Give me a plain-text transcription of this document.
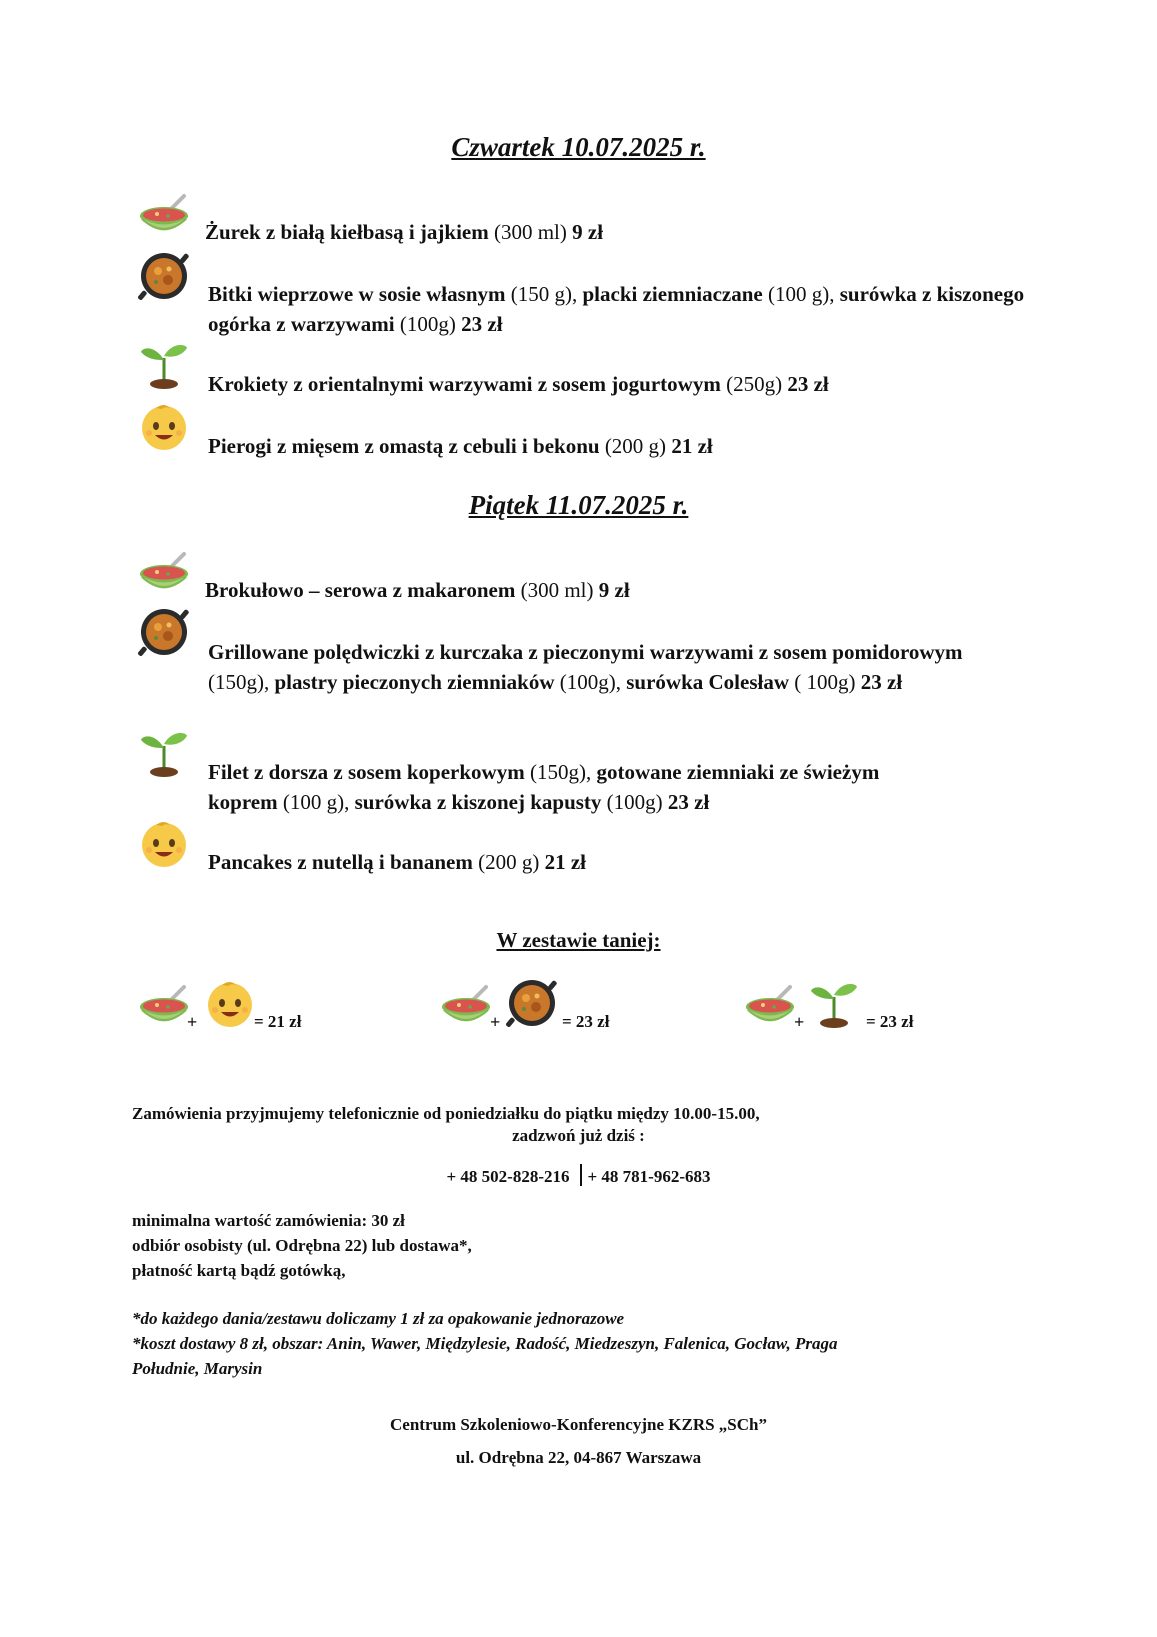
Czwartek 10.07.2025 r.
Żurek z białą kiełbasą i jajkiem (300 ml) 9 zł
Bitki wieprzowe w sosie własnym (150 g), placki ziemniaczane (100 g), surówka z kiszonego ogórka z warzywami (100g) 23 zł
Krokiety z orientalnymi warzywami z sosem jogurtowym (250g) 23 zł
Pierogi z mięsem z omastą z cebuli i bekonu (200 g) 21 zł
Piątek 11.07.2025 r.
Brokułowo – serowa z makaronem (300 ml) 9 zł
Grillowane polędwiczki z kurczaka z pieczonymi warzywami z sosem pomidorowym (150g), plastry pieczonych ziemniaków (100g), surówka Colesław ( 100g) 23 zł
Filet z dorsza z sosem koperkowym (150g), gotowane ziemniaki ze świeżym koprem (100 g), surówka z kiszonej kapusty (100g) 23 zł
Pancakes z nutellą i bananem (200 g) 21 zł
W zestawie taniej:
+	= 21 zł	+	= 23 zł	+	= 23 zł
Zamówienia przyjmujemy telefonicznie od poniedziałku do piątku między 10.00-15.00,
zadzwoń już dziś :
+ 48 502-828-216 + 48 781-962-683
minimalna wartość zamówienia: 30 zł
odbiór osobisty (ul. Odrębna 22) lub dostawa*,
płatność kartą bądź gotówką,
*do każdego dania/zestawu doliczamy 1 zł za opakowanie jednorazowe
*koszt dostawy 8 zł, obszar: Anin, Wawer, Międzylesie, Radość, Miedzeszyn, Falenica, Gocław, Praga
Południe, Marysin
Centrum Szkoleniowo-Konferencyjne KZRS „SCh”
ul. Odrębna 22, 04-867 Warszawa
